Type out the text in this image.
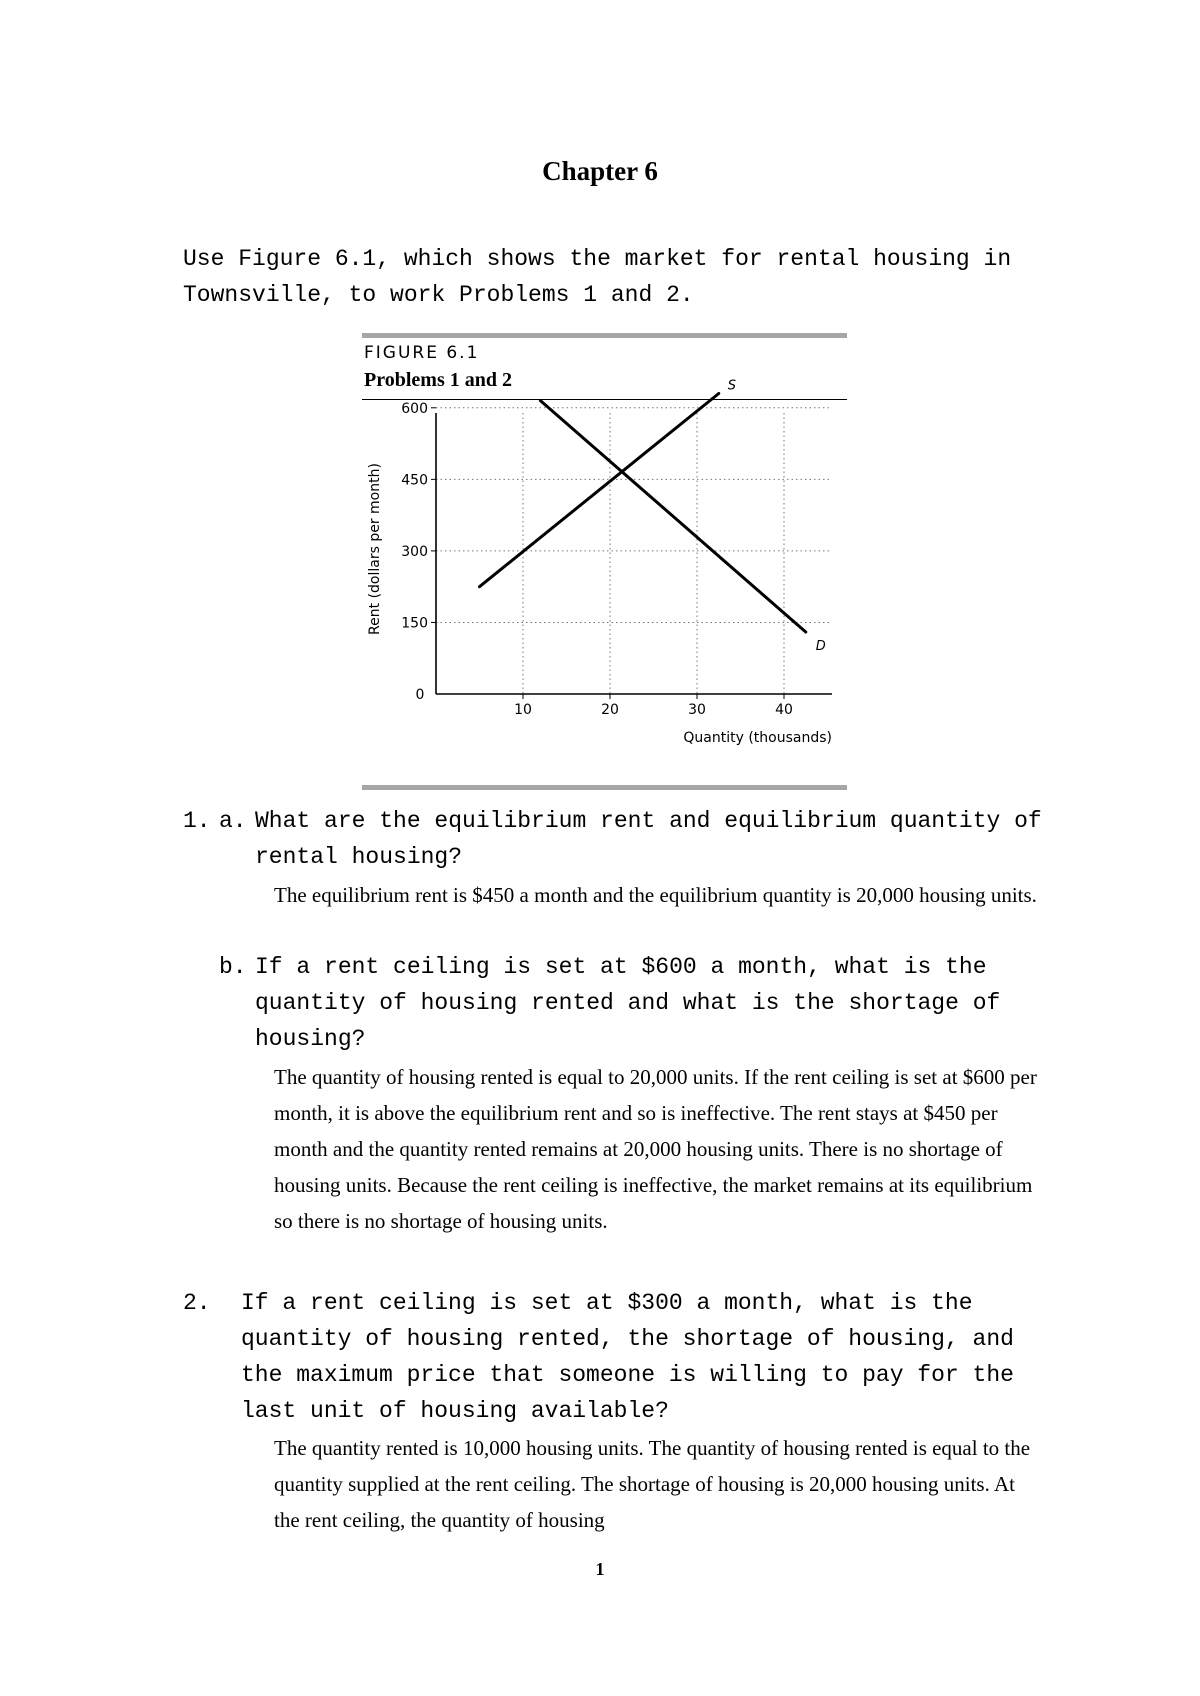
Chapter 6

Use Figure 6.1, which shows the market for rental housing in Townsville, to work Problems 1 and 2.

FIGURE 6.1
Problems 1 and 2
10	20	30	40
150
300
450
600
S
D
0
Quantity (thousands)
Rent (dollars per month)
1. a. What are the equilibrium rent and equilibrium quantity of rental housing?
The equilibrium rent is $450 a month and the equilibrium quantity is 20,000 housing units.
b. If a rent ceiling is set at $600 a month, what is the quantity of housing rented and what is the shortage of housing?
The quantity of housing rented is equal to 20,000 units. If the rent ceiling is set at $600 per month, it is above the equilibrium rent and so is ineffective. The rent stays at $450 per month and the quantity rented remains at 20,000 housing units. There is no shortage of housing units. Because the rent ceiling is ineffective, the market remains at its equilibrium so there is no shortage of housing units.
2. If a rent ceiling is set at $300 a month, what is the quantity of housing rented, the shortage of housing, and the maximum price that someone is willing to pay for the last unit of housing available?
The quantity rented is 10,000 housing units. The quantity of housing rented is equal to the quantity supplied at the rent ceiling. The shortage of housing is 20,000 housing units. At the rent ceiling, the quantity of housing
1
